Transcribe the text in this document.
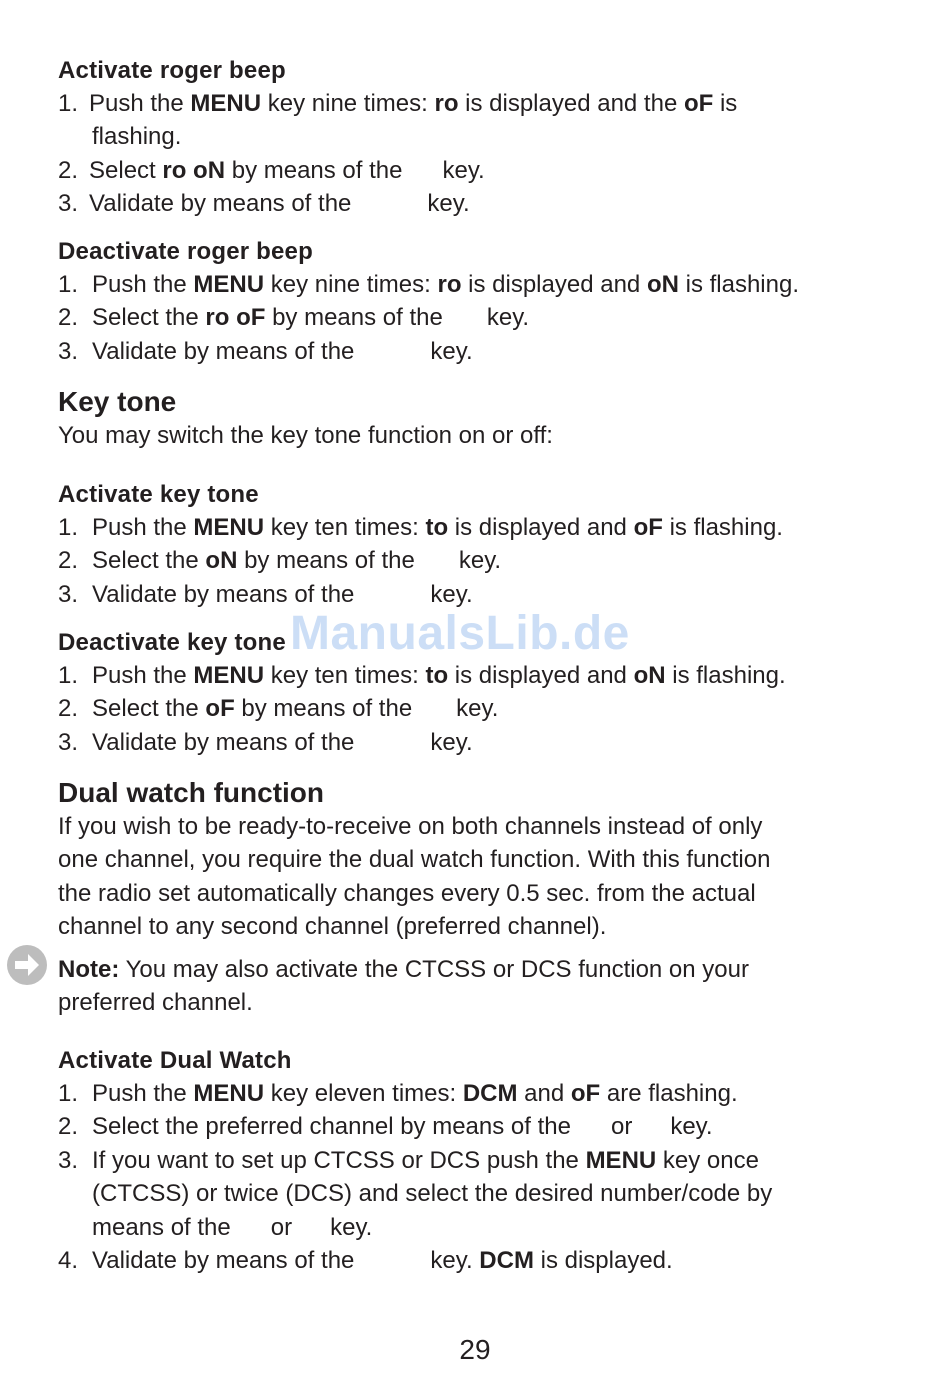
Activate roger beep
1. Push the MENU key nine times: ro is displayed and the oF is
flashing.
2. Select ro oN by means of the key.
3. Validate by means of the	key.
Deactivate roger beep
1. Push the MENU key nine times: ro is displayed and oN is flashing.
2. Select the ro oF by means of the key.
3. Validate by means of the	key.
Key tone
You may switch the key tone function on or off:
Activate key tone
1. Push the MENU key ten times: to is displayed and oF is flashing.
2. Select the oN by means of the key.
3. Validate by means of the	key.
Deactivate key tone
1. Push the MENU key ten times: to is displayed and oN is flashing.
2. Select the oF by means of the key.
3. Validate by means of the	key.
Dual watch function
If you wish to be ready-to-receive on both channels instead of only
one channel, you require the dual watch function. With this function
the radio set automatically changes every 0.5 sec. from the actual
channel to any second channel (preferred channel).
Note: You may also activate the CTCSS or DCS function on your
preferred channel.
Activate Dual Watch
1. Push the MENU key eleven times: DCM and oF are flashing.
2. Select the preferred channel by means of the or key.
3. If you want to set up CTCSS or DCS push the MENU key once
(CTCSS) or twice (DCS) and select the desired number/code by
means of the or key.
4. Validate by means of the	key. DCM is displayed.
ManualsLib.de
29
